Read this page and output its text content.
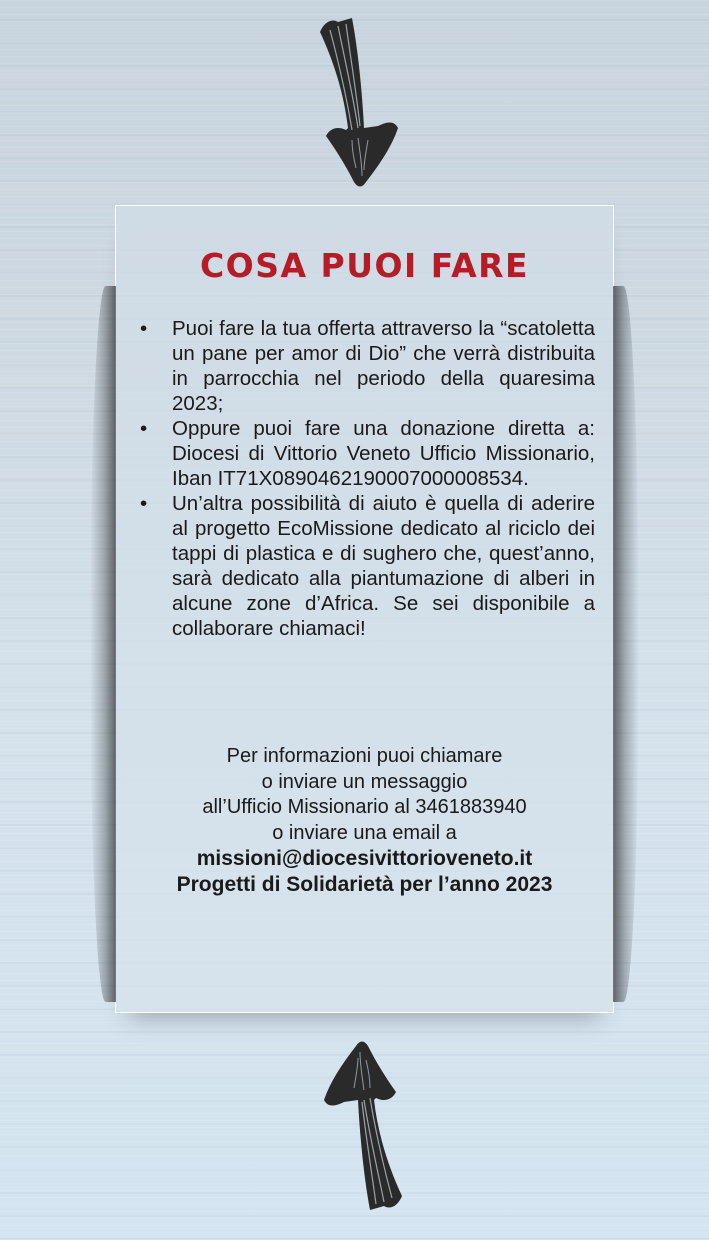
COSA PUOI FARE
• Puoi fare la tua offerta attraverso la “scatoletta un pane per amor di Dio” che verrà distribuita in parrocchia nel periodo della quaresima 2023;
• Oppure puoi fare una donazione diretta a: Diocesi di Vittorio Veneto Ufficio Missionario, Iban IT71X0890462190007000008534.
• Un’altra possibilità di aiuto è quella di aderire al progetto EcoMissione dedicato al riciclo dei tappi di plastica e di sughero che, quest’anno, sarà dedicato alla piantumazione di alberi in alcune zone d’Africa. Se sei disponibile a collaborare chiamaci!
Per informazioni puoi chiamare
o inviare un messaggio
all’Ufficio Missionario al 3461883940
o inviare una email a
missioni@diocesivittorioveneto.it
Progetti di Solidarietà per l’anno 2023
